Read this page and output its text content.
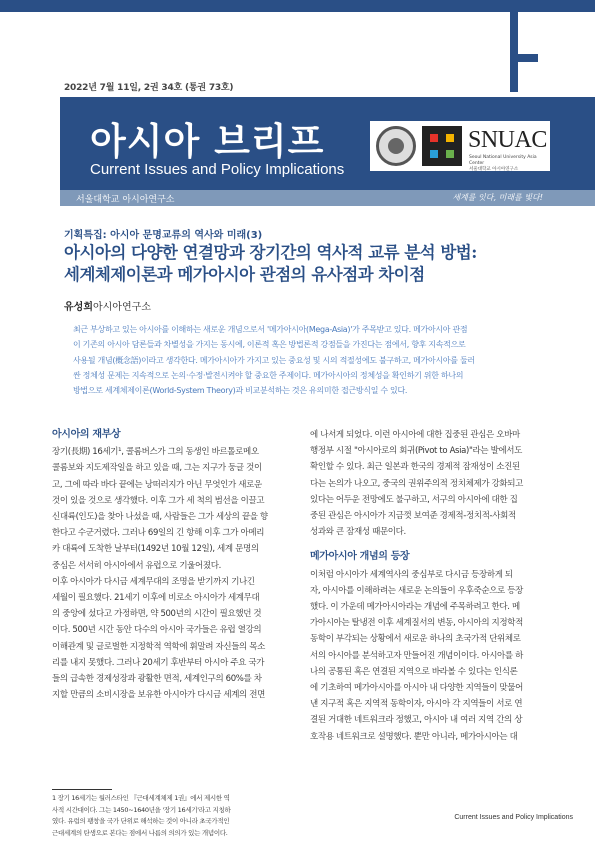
2022년 7월 11일, 2권 34호 (통권 73호)
아시아 브리프
Current Issues and Policy Implications
SNUAC
Seoul National University Asia Center
서울대학교 아시아연구소
서울대학교 아시아연구소	세계를 잇다, 미래를 빛다!
기획특집: 아시아 문명교류의 역사와 미래(3)
아시아의 다양한 연결망과 장기간의 역사적 교류 분석 방법:
세계체제이론과 메가아시아 관점의 유사점과 차이점
유성희아시아연구소

최근 부상하고 있는 아시아를 이해하는 새로운 개념으로서 '메가아시아(Mega-Asia)'가 주목받고 있다. 메가아시아 관점

이 기존의 아시아 담론들과 차별성을 가지는 동시에, 이론적 혹은 방법론적 강점들을 가진다는 점에서, 향후 지속적으로

사용될 개념(概念語)이라고 생각한다. 메가아시아가 가지고 있는 중요성 및 시의 적절성에도 불구하고, 메가아시아를 둘러

싼 정체성 문제는 지속적으로 논의·수정·발전시켜야 할 중요한 주제이다. 메가아시아의 정체성을 확인하기 위한 하나의

방법으로 세계체제이론(World-System Theory)과 비교분석하는 것은 유의미한 접근방식일 수 있다.

아시아의 재부상
장기(長期) 16세기¹, 콜롬버스가 그의 동생인 바르톨로메오
콜롬보와 지도제작일을 하고 있을 때, 그는 지구가 둥글 것이
고, 그에 따라 바다 끝에는 낭떠러지가 아닌 무엇인가 새로운
것이 있을 것으로 생각했다. 이후 그가 세 척의 범선을 이끌고
신대륙(인도)을 찾아 나섰을 때, 사람들은 그가 세상의 끝을 향
한다고 수군거렸다. 그러나 69일의 긴 항해 이후 그가 아메리
카 대륙에 도착한 날부터(1492년 10월 12일), 세계 문명의
중심은 서서히 아시아에서 유럽으로 기울어졌다.
이후 아시아가 다시금 세계무대의 조명을 받기까지 기나긴
세월이 필요했다. 21세기 이후에 비로소 아시아가 세계무대
의 중앙에 섰다고 가정하면, 약 500년의 시간이 필요했던 것
이다. 500년 시간 동안 다수의 아시아 국가들은 유럽 열강의
이해관계 및 글로벌한 지정학적 역학에 휘말려 자신들의 목소
리를 내지 못했다. 그러나 20세기 후반부터 아시아 주요 국가
들의 급속한 경제성장과 광활한 면적, 세계인구의 60%를 차
지할 만큼의 소비시장을 보유한 아시아가 다시금 세계의 전면
에 나서게 되었다. 이런 아시아에 대한 집중된 관심은 오바마
행정부 시절 "아시아로의 회귀(Pivot to Asia)"라는 발에서도
확인할 수 있다. 최근 일본과 한국의 경제적 잠재성이 소진된
다는 논의가 나오고, 중국의 권위주의적 정치체제가 강화되고
있다는 어두운 전망에도 불구하고, 서구의 아시아에 대한 집
중된 관심은 아시아가 지금껏 보여준 경제적-정치적-사회적
성과와 큰 잠재성 때문이다.
메가아시아 개념의 등장
이처럼 아시아가 세계역사의 중심부로 다시금 등장하게 되
자, 아시아를 이해하려는 새로운 논의들이 우후죽순으로 등장
했다. 이 가운데 메가아시아라는 개념에 주목하려고 한다. 메
가아시아는 탈냉전 이후 세계질서의 변동, 아시아의 지정학적
동학이 부각되는 상황에서 새로운 하나의 초국가적 단위체로
서의 아시아를 분석하고자 만들어진 개념이이다. 아시아를 하
나의 공통된 혹은 연결된 지역으로 바라볼 수 있다는 인식론
에 기초하여 메가아시아를 아시아 내 다양한 지역들이 맞물어
낸 지구적 혹은 지역적 동학이자, 아시아 각 지역들이 서로 연
결된 거대한 네트워크라 정했고, 아시아 내 여러 지역 간의 상
호작용 네트워크로 설명했다. 뿐만 아니라, 메가아시아는 대
1 장기 16세기는 월러스타인 『근대세계체제 1권』에서 제시한 역
사적 시간대이다. 그는 1450~1640년을 '장기 16세기'라고 지칭하
였다. 유럽의 팽창을 국가 단위로 해석하는 것이 아니라 초국가적인
근대세계의 탄생으로 본다는 점에서 나름의 의의가 있는 개념이다.
Current Issues and Policy Implications
